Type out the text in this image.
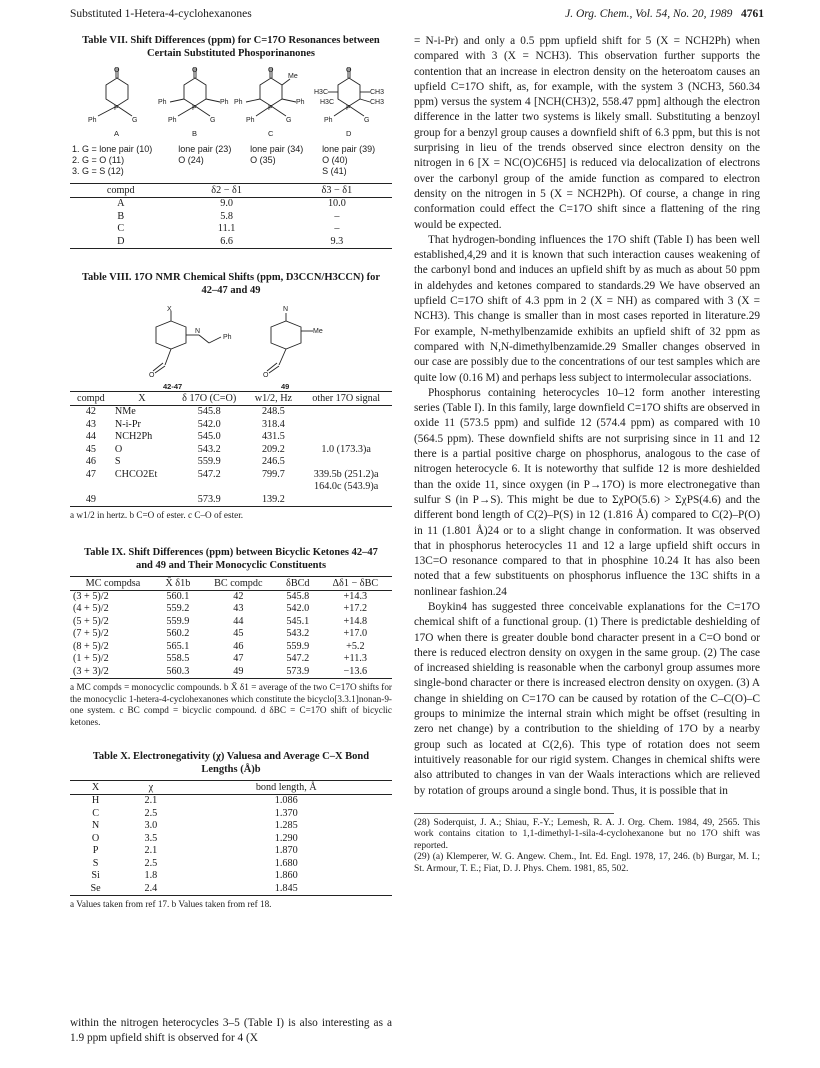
Substituted 1-Hetera-4-cyclohexanones	J. Org. Chem., Vol. 54, No. 20, 1989 4761
Table VII. Shift Differences (ppm) for C=17O Resonances between Certain Substituted Phosporinanones
O	O	O	O
P	P	P	P
Ph	G
Ph	Ph
Ph	G
Me
Ph	Ph
Ph	G
H3C	CH3
H3C	CH3
Ph	G
A	B	C	D
1. G = lone pair (10)	lone pair (23)	lone pair (34)	lone pair (39)
2. G = O (11)	O (24)	O (35)	O (40)
3. G = S (12)			S (41)
compd	δ2 − δ1	δ3 − δ1
A	9.0	10.0
B	5.8	–
C	11.1	–
D	6.6	9.3
Table VIII. 17O NMR Chemical Shifts (ppm, D3CCN/H3CCN) for 42–47 and 49
X
Ph
N
O
N
Me
O
42-47	49
compd	X	δ 17O (C=O)	w1/2, Hz	other 17O signal
42	NMe	545.8	248.5	
43	N-i-Pr	542.0	318.4	
44	NCH2Ph	545.0	431.5	
45	O	543.2	209.2	1.0 (173.3)a
46	S	559.9	246.5	
47	CHCO2Et	547.2	799.7	339.5b (251.2)a
				164.0c (543.9)a
49		573.9	139.2	
a w1/2 in hertz. b C=O of ester. c C–O of ester.
Table IX. Shift Differences (ppm) between Bicyclic Ketones 42–47 and 49 and Their Monocyclic Constituents
MC compdsa	X̄ δ1b	BC compdc	δBCd	Δδ1 − δBC
(3 + 5)/2	560.1	42	545.8	+14.3
(4 + 5)/2	559.2	43	542.0	+17.2
(5 + 5)/2	559.9	44	545.1	+14.8
(7 + 5)/2	560.2	45	543.2	+17.0
(8 + 5)/2	565.1	46	559.9	+5.2
(1 + 5)/2	558.5	47	547.2	+11.3
(3 + 3)/2	560.3	49	573.9	−13.6
a MC compds = monocyclic compounds. b X̄ δ1 = average of the two C=17O shifts for the monocyclic 1-hetera-4-cyclohexanones which constitute the bicyclo[3.3.1]nonan-9-one system. c BC compd = bicyclic compound. d δBC = C=17O shift of bicyclic ketones.
Table X. Electronegativity (χ) Valuesa and Average C–X Bond Lengths (Å)b
X	χ	bond length, Å
H	2.1	1.086
C	2.5	1.370
N	3.0	1.285
O	3.5	1.290
P	2.1	1.870
S	2.5	1.680
Si	1.8	1.860
Se	2.4	1.845
a Values taken from ref 17. b Values taken from ref 18.
within the nitrogen heterocycles 3–5 (Table I) is also interesting as a 1.9 ppm upfield shift is observed for 4 (X

= N-i-Pr) and only a 0.5 ppm upfield shift for 5 (X = NCH2Ph) when compared with 3 (X = NCH3). This observation further supports the contention that an increase in electron density on the heteroatom causes an upfield C=17O shift, as, for example, with the system 3 (NCH3, 560.34 ppm) versus the system 4 [NCH(CH3)2, 558.47 ppm] although the electron difference in the latter two systems is likely small. Substituting a benzoyl group for a benzyl group causes a downfield shift of 6.3 ppm, but this is not surprising in lieu of the trends observed since electron density on the nitrogen in 6 [X = NC(O)C6H5] is reduced via delocalization of electrons over the carbonyl group of the amide function as compared to electron density on the nitrogen in 5 (X = NCH2Ph). Of course, a change in ring conformation could effect the C=17O shift since a flattening of the ring would be expected.

That hydrogen-bonding influences the 17O shift (Table I) has been well established,4,29 and it is known that such interaction causes weakening of the carbonyl bond and induces an upfield shift by as much as about 50 ppm in aldehydes and ketones compared to standards.29 We have observed an upfield C=17O shift of 4.3 ppm in 2 (X = NH) as compared with 3 (X = NCH3). This change is smaller than in most cases reported in literature.29 For example, N-methylbenzamide exhibits an upfield shift of 32 ppm as compared with N,N-dimethylbenzamide.29 Smaller changes observed in our case are possibly due to the concentrations of our test samples which are quite low (0.16 M) and perhaps less subject to intermolecular associations.

Phosphorus containing heterocycles 10–12 form another interesting series (Table I). In this family, large downfield C=17O shifts are observed in oxide 11 (573.5 ppm) and sulfide 12 (574.4 ppm) as compared with 10 (564.5 ppm). These downfield shifts are not surprising since in 11 and 12 there is a partial positive charge on phosphorus, analogous to the case of nitrogen heterocycle 6. It is noteworthy that sulfide 12 is more deshielded than the oxide 11, since oxygen (in P→17O) is more electronegative than sulfur S (in P→S). This might be due to ΣχPO(5.6) > ΣχPS(4.6) and the different bond length of C(2)–P(S) in 12 (1.816 Å) compared to C(2)–P(O) in 11 (1.801 Å)24 or to a slight change in conformation. It was observed that in phosphorus heterocycles 11 and 12 a large upfield shift occurs in 13C=O resonance compared to that in phosphine 10.24 It has also been noted that a few substituents on phosphorus influence the 13C shifts in a nonlinear fashion.24

Boykin4 has suggested three conceivable explanations for the C=17O chemical shift of a functional group. (1) There is predictable deshielding of 17O when there is greater double bond character present in a C=O bond or there is reduced electron density on oxygen in the same group. (2) The case of increased shielding is reasonable when the carbonyl group assumes more single-bond character or there is increased electron density on oxygen. (3) A change in shielding on C=17O can be caused by rotation of the C–C(O)–C groups to minimize the internal strain which might be offset (resulting in zero net change) by a contribution to the shielding of 17O by a nearby group such as located at C(2,6). This type of rotation does not seem intuitively reasonable for our rigid system. Changes in chemical shifts were also attributed to changes in van der Waals interactions which are relieved by rotation of groups around a single bond. Thus, it is possible that in

(28) Soderquist, J. A.; Shiau, F.-Y.; Lemesh, R. A. J. Org. Chem. 1984, 49, 2565. This work contains citation to 1,1-dimethyl-1-sila-4-cyclohexanone but no 17O shift was reported.
(29) (a) Klemperer, W. G. Angew. Chem., Int. Ed. Engl. 1978, 17, 246. (b) Burgar, M. I.; St. Armour, T. E.; Fiat, D. J. Phys. Chem. 1981, 85, 502.
